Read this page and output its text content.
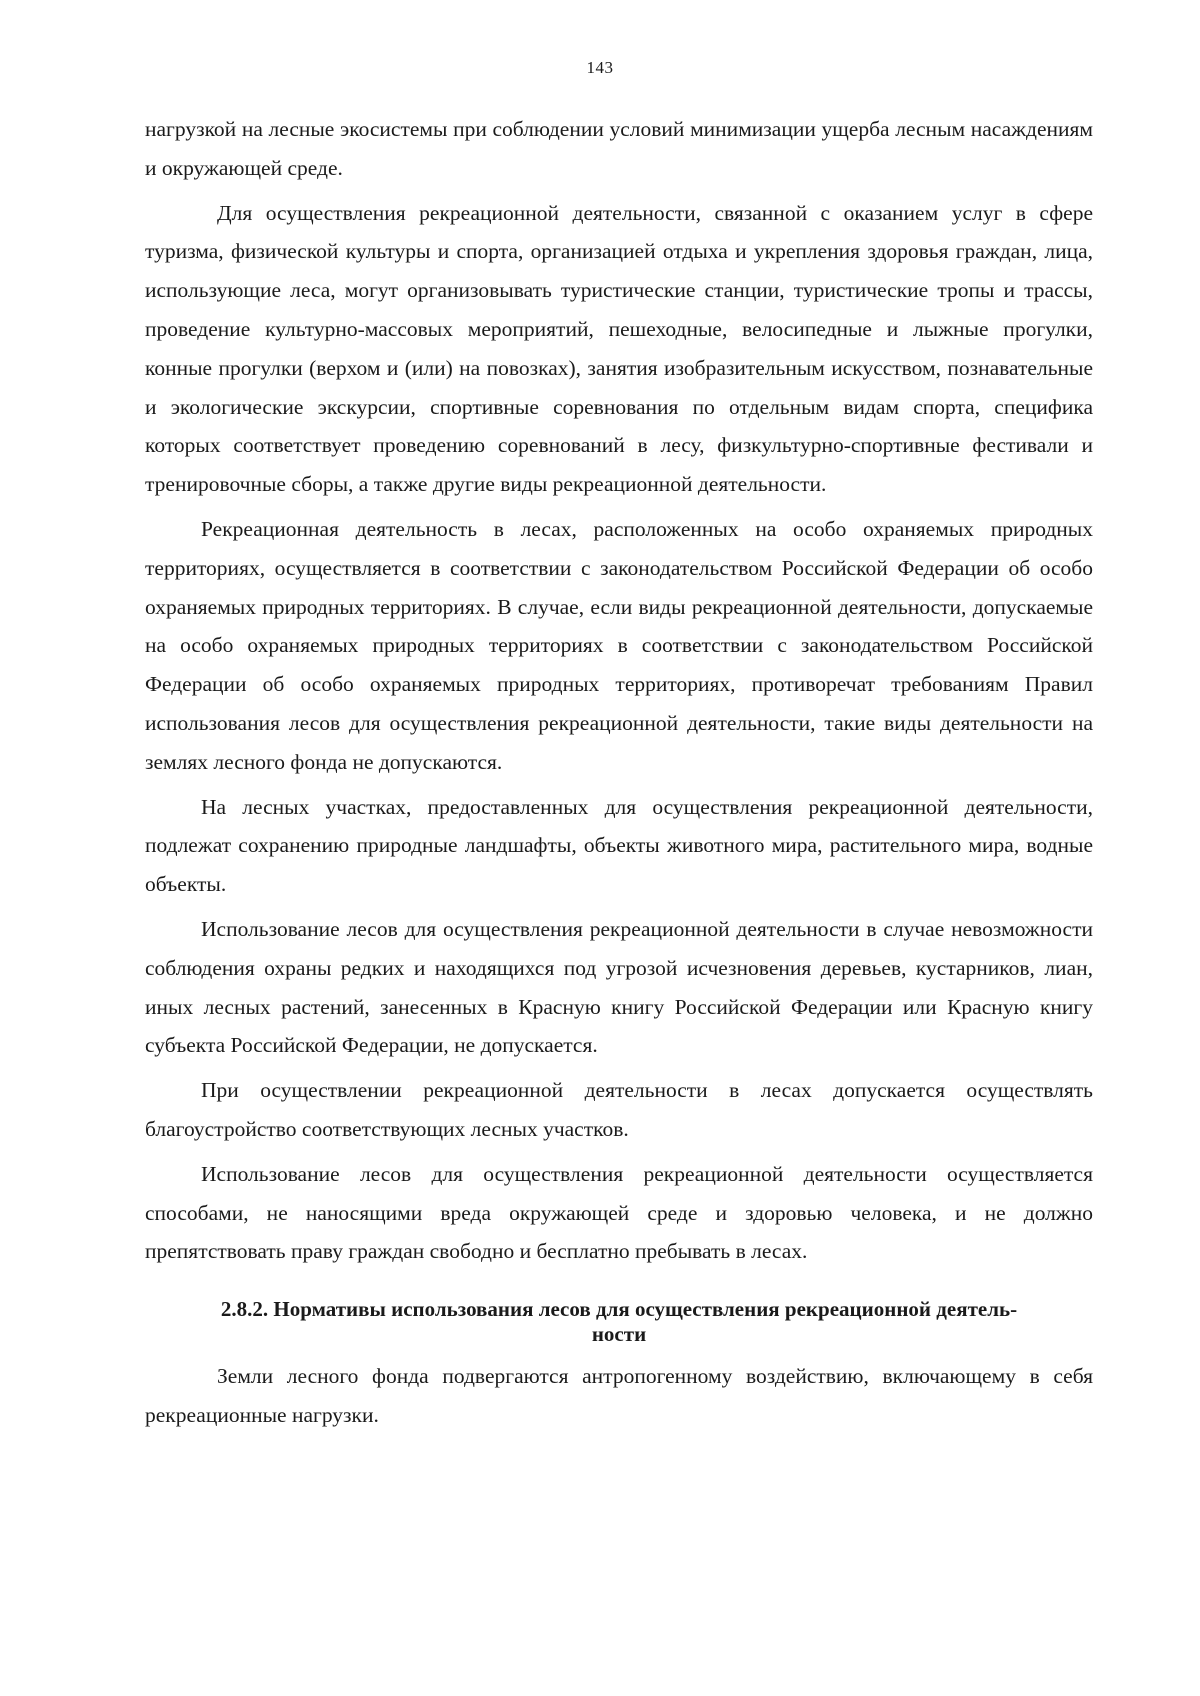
143

нагрузкой на лесные экосистемы при соблюдении условий минимизации ущерба лесным насаждениям и окружающей среде.

Для осуществления рекреационной деятельности, связанной с оказанием услуг в сфере туризма, физической культуры и спорта, организацией отдыха и укрепления здоровья граждан, лица, использующие леса, могут организовывать туристические станции, туристические тропы и трассы, проведение культурно-массовых мероприятий, пешеходные, велосипедные и лыжные прогулки, конные прогулки (верхом и (или) на повозках), занятия изобразительным искусством, познавательные и экологические экскурсии, спортивные соревнования по отдельным видам спорта, специфика которых соответствует проведению соревнований в лесу, физкультурно-спортивные фестивали и тренировочные сборы, а также другие виды рекреационной деятельности.

Рекреационная деятельность в лесах, расположенных на особо охраняемых природных территориях, осуществляется в соответствии с законодательством Российской Федерации об особо охраняемых природных территориях. В случае, если виды рекреационной деятельности, допускаемые на особо охраняемых природных территориях в соответствии с законодательством Российской Федерации об особо охраняемых природных территориях, противоречат требованиям Правил использования лесов для осуществления рекреационной деятельности, такие виды деятельности на землях лесного фонда не допускаются.

На лесных участках, предоставленных для осуществления рекреационной деятельности, подлежат сохранению природные ландшафты, объекты животного мира, растительного мира, водные объекты.

Использование лесов для осуществления рекреационной деятельности в случае невозможности соблюдения охраны редких и находящихся под угрозой исчезновения деревьев, кустарников, лиан, иных лесных растений, занесенных в Красную книгу Российской Федерации или Красную книгу субъекта Российской Федерации, не допускается.

При осуществлении рекреационной деятельности в лесах допускается осуществлять благоустройство соответствующих лесных участков.

Использование лесов для осуществления рекреационной деятельности осуществляется способами, не наносящими вреда окружающей среде и здоровью человека, и не должно препятствовать праву граждан свободно и бесплатно пребывать в лесах.

2.8.2. Нормативы использования лесов для осуществления рекреационной деятель-
ности

Земли лесного фонда подвергаются антропогенному воздействию, включающему в себя рекреационные нагрузки.
